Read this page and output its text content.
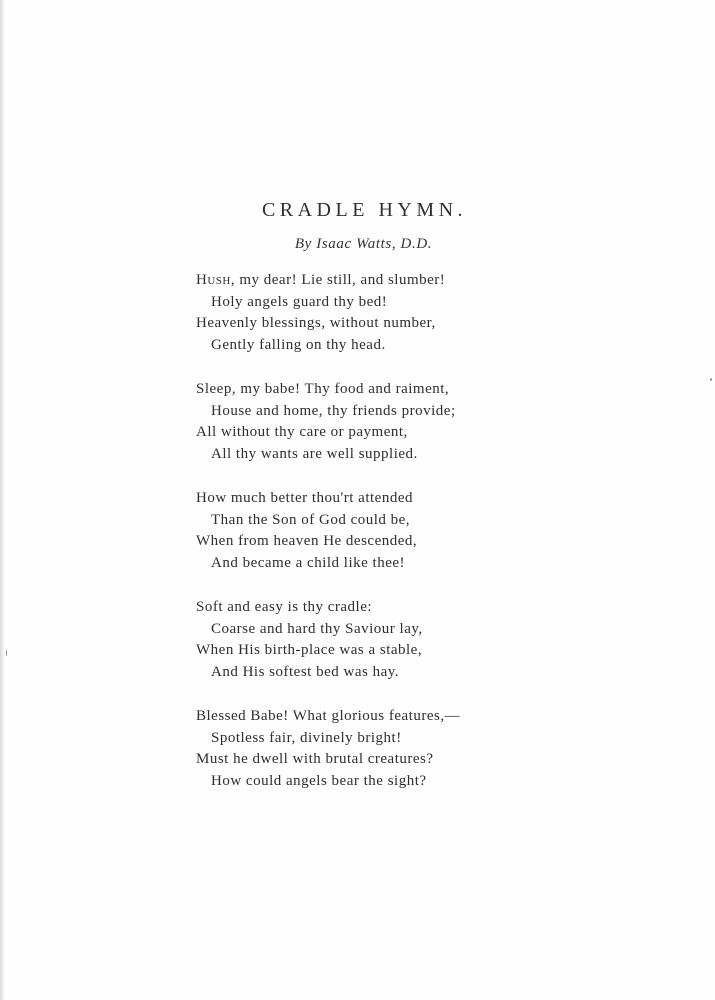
CRADLE HYMN.
By Isaac Watts, D.D.
Hush, my dear! Lie still, and slumber!
Holy angels guard thy bed!
Heavenly blessings, without number,
Gently falling on thy head.
Sleep, my babe! Thy food and raiment,
House and home, thy friends provide;
All without thy care or payment,
All thy wants are well supplied.
How much better thou'rt attended
Than the Son of God could be,
When from heaven He descended,
And became a child like thee!
Soft and easy is thy cradle:
Coarse and hard thy Saviour lay,
When His birth-place was a stable,
And His softest bed was hay.
Blessed Babe! What glorious features,—
Spotless fair, divinely bright!
Must he dwell with brutal creatures?
How could angels bear the sight?
